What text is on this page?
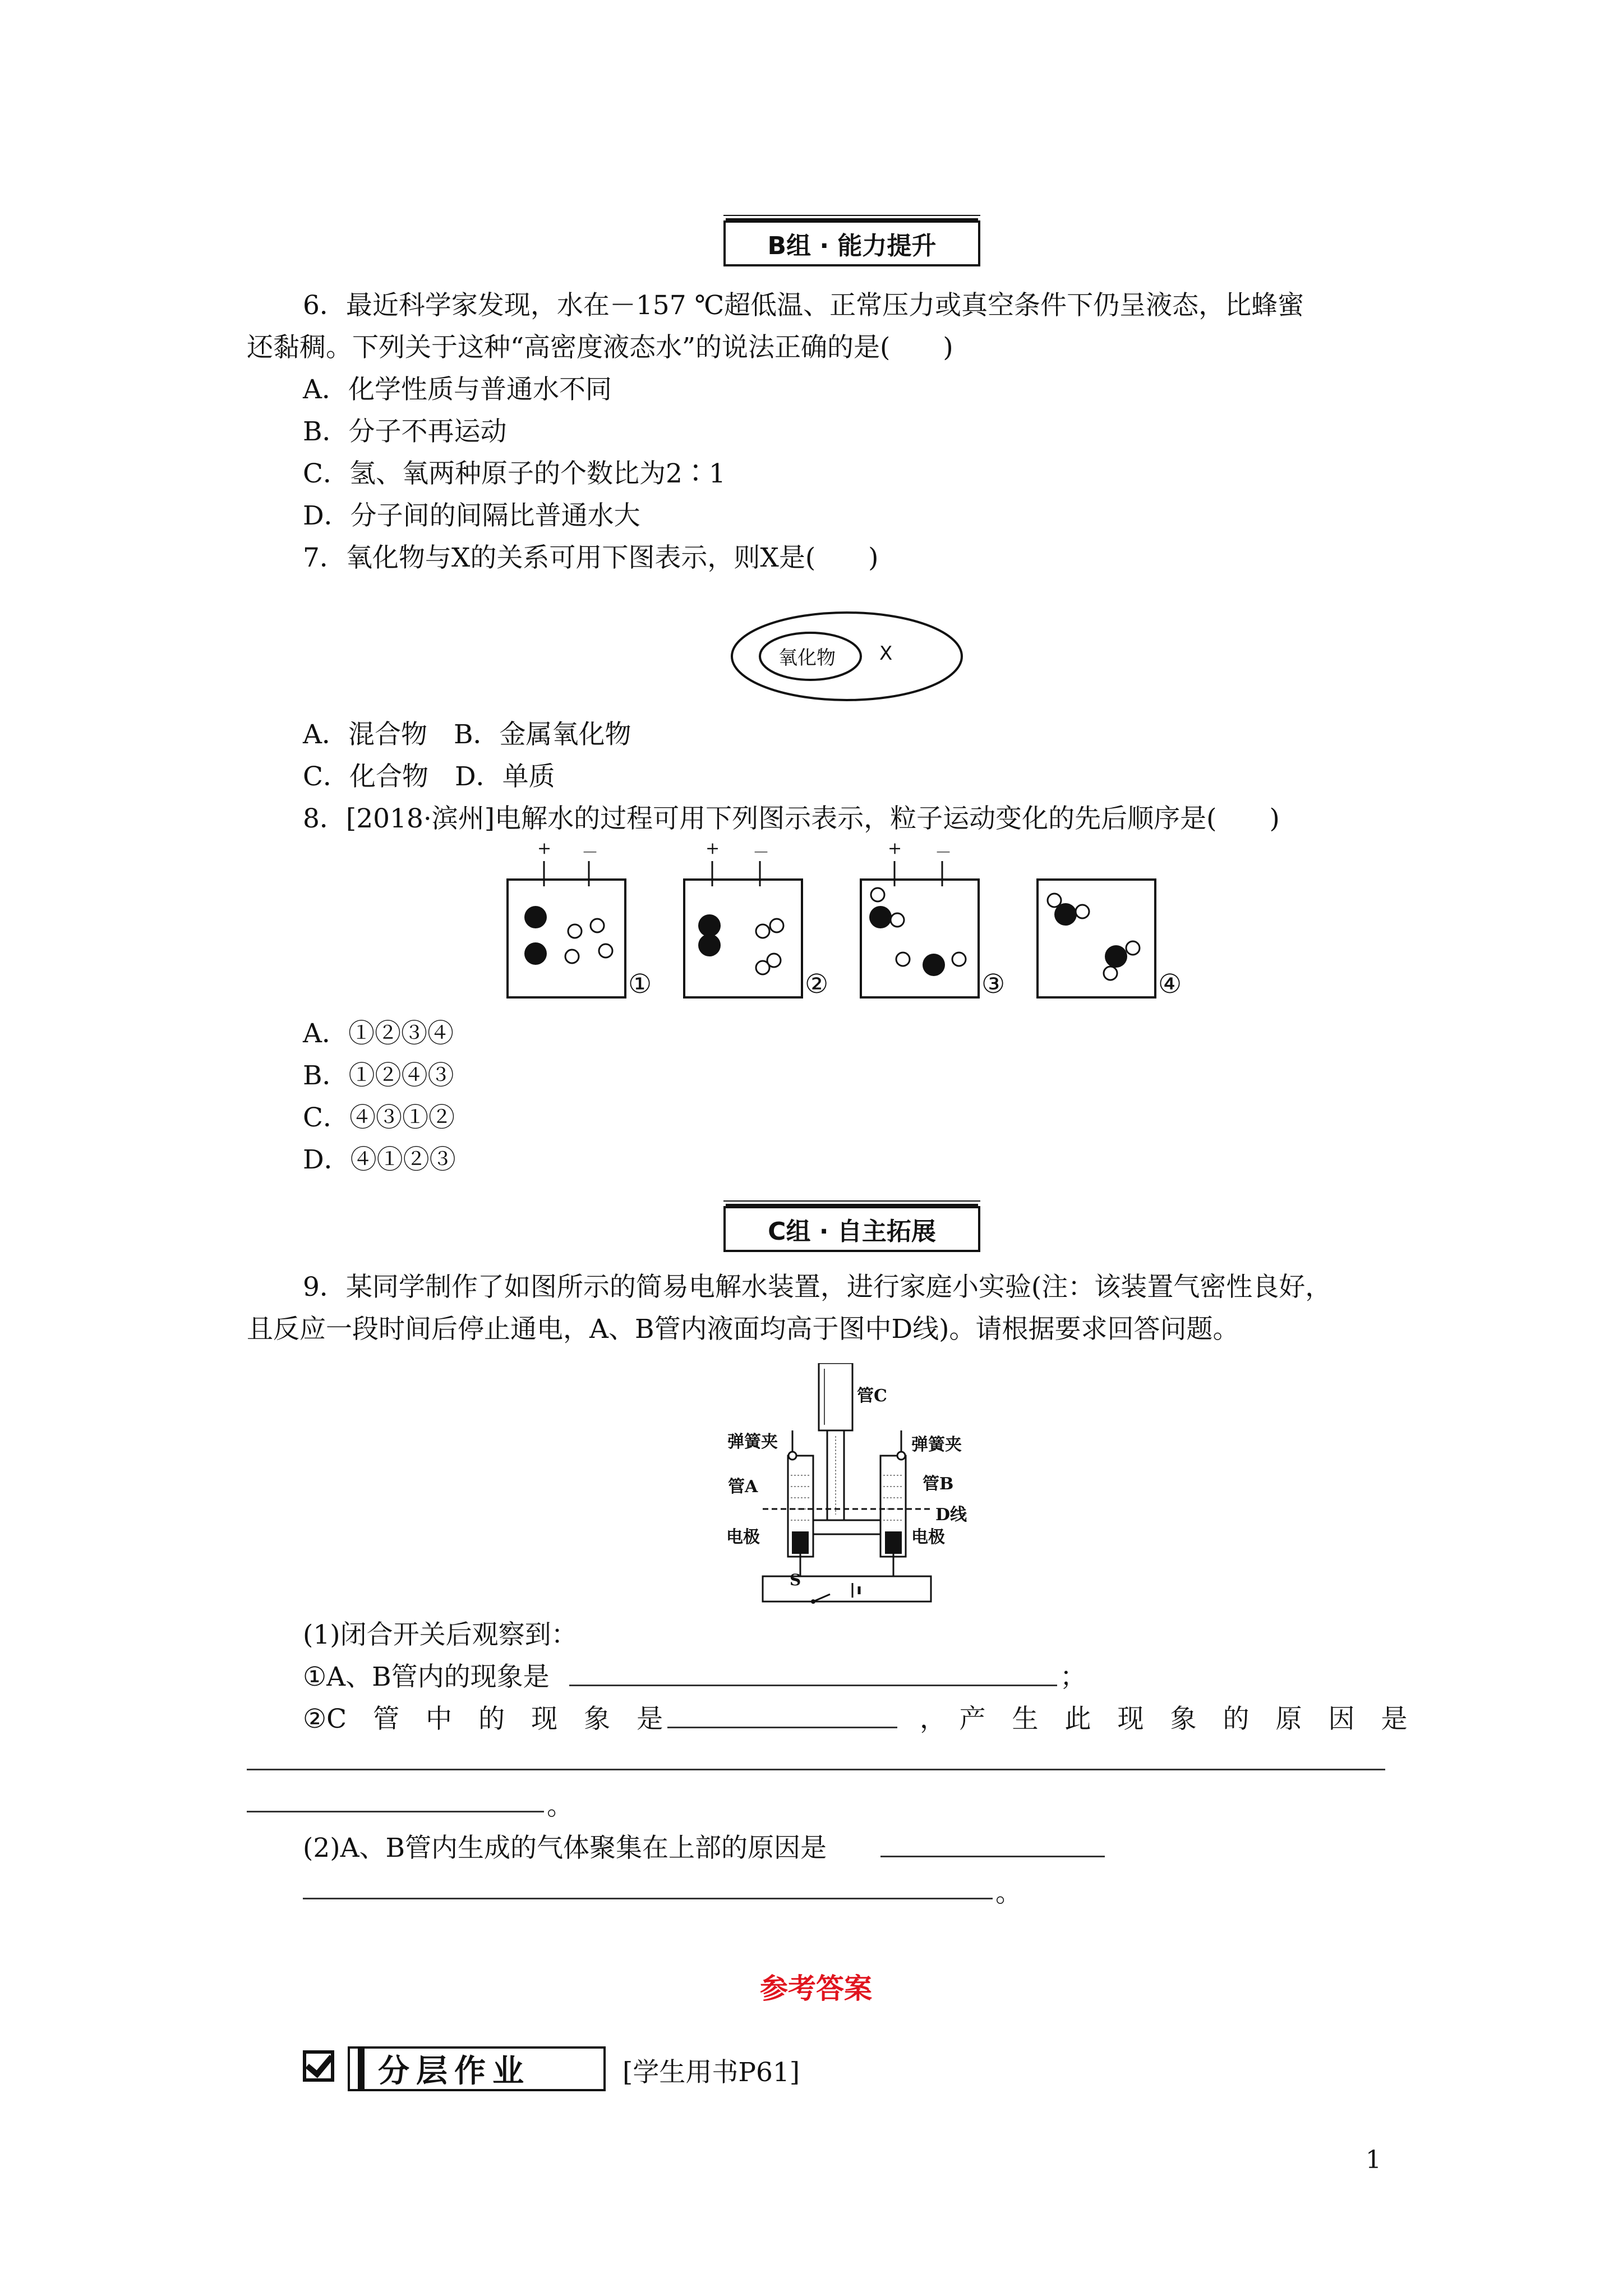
B组 · 能力提升
6．最近科学家发现，水在－157 ℃超低温、正常压力或真空条件下仍呈液态，比蜂蜜
还黏稠。下列关于这种“高密度液态水”的说法正确的是(　　)
A．化学性质与普通水不同
B．分子不再运动
C．氢、氧两种原子的个数比为2∶1
D．分子间的间隔比普通水大
7．氧化物与X的关系可用下图表示，则X是(　　)
氧化物 X
A．混合物　B．金属氧化物
C．化合物　D．单质
8．[2018·滨州]电解水的过程可用下列图示表示，粒子运动变化的先后顺序是(　　)
+ －
①
+ －
②
+ －
③	④
A．①②③④
B．①②④③
C．④③①②
D．④①②③
C组 · 自主拓展
9．某同学制作了如图所示的简易电解水装置，进行家庭小实验(注：该装置气密性良好，
且反应一段时间后停止通电，A、B管内液面均高于图中D线)。请根据要求回答问题。
管C
弹簧夹	弹簧夹
管A	管B
D线
电极	电极
S
(1)闭合开关后观察到：
①A、B管内的现象是	；
②C　管　中　的　现　象　是	，　产　生　此　现　象　的　原　因　是
。
(2)A、B管内生成的气体聚集在上部的原因是
。
参考答案
分层作业	[学生用书P61]
1
